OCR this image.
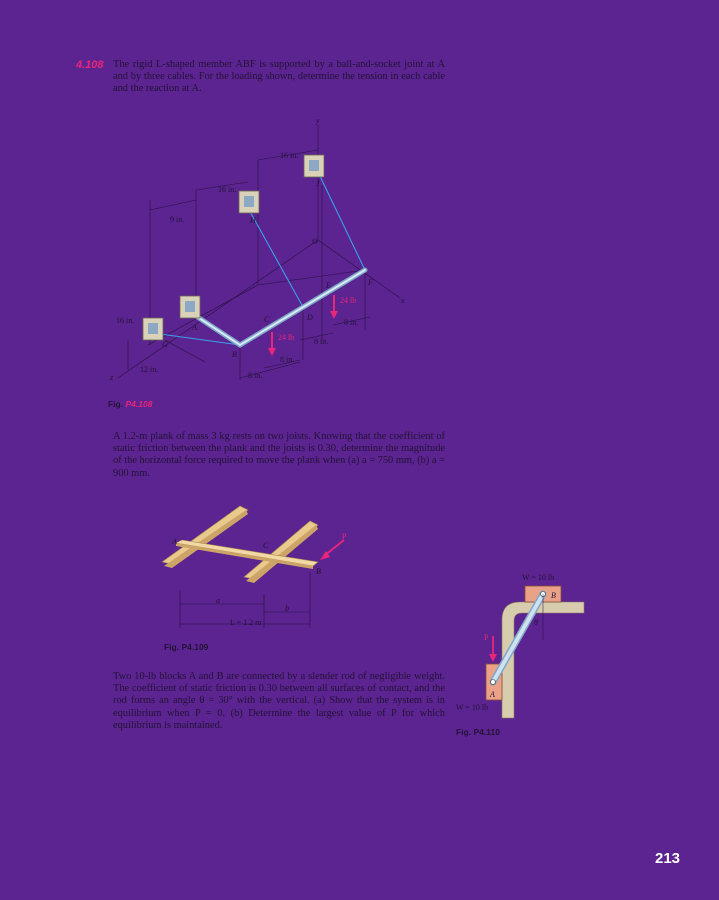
4.108 The rigid L-shaped member ABF is supported by a ball-and-socket joint at A and by three cables. For the loading shown, determine the tension in each cable and the reaction at A.
y
x
z
16 in.
16 in.
9 in.
16 in.
12 in.
8 in.
8 in.
8 in.
8 in.
24 lb
24 lb
A
B
C	D
E	F
G
H
J
O
Fig. P4.108
A 1.2-m plank of mass 3 kg rests on two joists. Knowing that the coefficient of static friction between the plank and the joists is 0.30, determine the magnitude of the horizontal force required to move the plank when (a) a = 750 mm, (b) a = 900 mm.
A	C
B
P
a
b
L = 1.2 m
Fig. P4.109
Two 10-lb blocks A and B are connected by a slender rod of negligible weight. The coefficient of static friction is 0.30 between all surfaces of contact, and the rod forms an angle θ = 30° with the vertical. (a) Show that the system is in equilibrium when P = 0. (b) Determine the largest value of P for which equilibrium is maintained.
W = 10 lb
W = 10 lb
B
A
P
θ
Fig. P4.110
213
